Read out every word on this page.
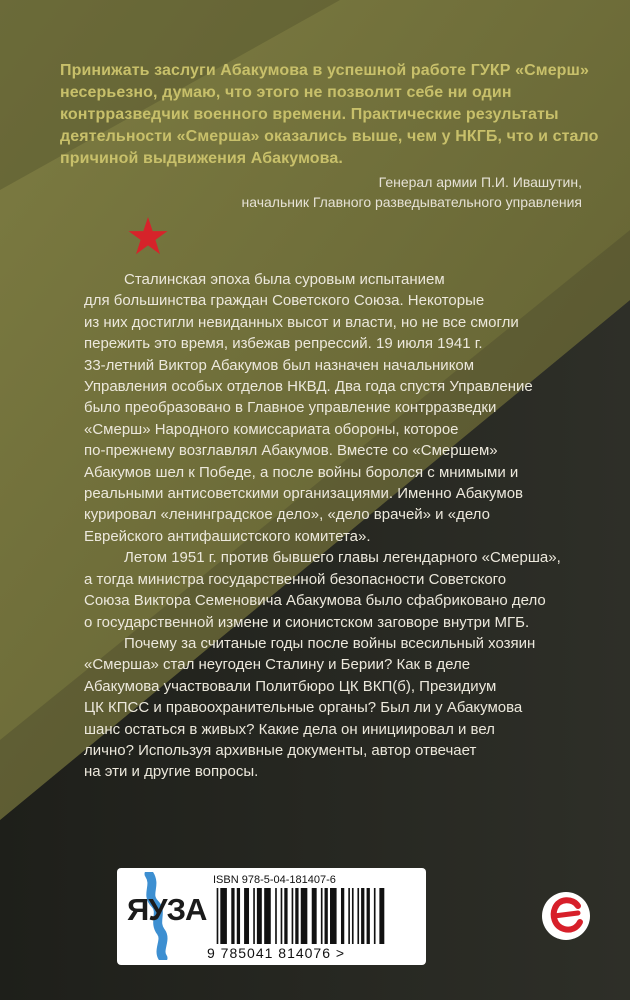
Принижать заслуги Абакумова в успешной работе ГУКР «Смерш» несерьезно, думаю, что этого не позволит себе ни один контрразведчик военного времени. Практические результаты деятельности «Смерша» оказались выше, чем у НКГБ, что и стало причиной выдвижения Абакумова.
Генерал армии П.И. Ивашутин,
начальник Главного разведывательного управления

Сталинская эпоха была суровым испытанием
для большинства граждан Советского Союза. Некоторые
из них достигли невиданных высот и власти, но не все смогли
пережить это время, избежав репрессий. 19 июля 1941 г.
33-летний Виктор Абакумов был назначен начальником
Управления особых отделов НКВД. Два года спустя Управление
было преобразовано в Главное управление контрразведки
«Смерш» Народного комиссариата обороны, которое
по-прежнему возглавлял Абакумов. Вместе со «Смершем»
Абакумов шел к Победе, а после войны боролся с мнимыми и
реальными антисоветскими организациями. Именно Абакумов
курировал «ленинградское дело», «дело врачей» и «дело
Еврейского антифашистского комитета».

Летом 1951 г. против бывшего главы легендарного «Смерша»,
а тогда министра государственной безопасности Советского
Союза Виктора Семеновича Абакумова было сфабриковано дело
о государственной измене и сионистском заговоре внутри МГБ.

Почему за считаные годы после войны всесильный хозяин
«Смерша» стал неугоден Сталину и Берии? Как в деле
Абакумова участвовали Политбюро ЦК ВКП(б), Президиум
ЦК КПСС и правоохранительные органы? Был ли у Абакумова
шанс остаться в живых? Какие дела он инициировал и вел
лично? Используя архивные документы, автор отвечает
на эти и другие вопросы.

ЯУЗА
ISBN 978-5-04-181407-6
9 785041 814076 >
